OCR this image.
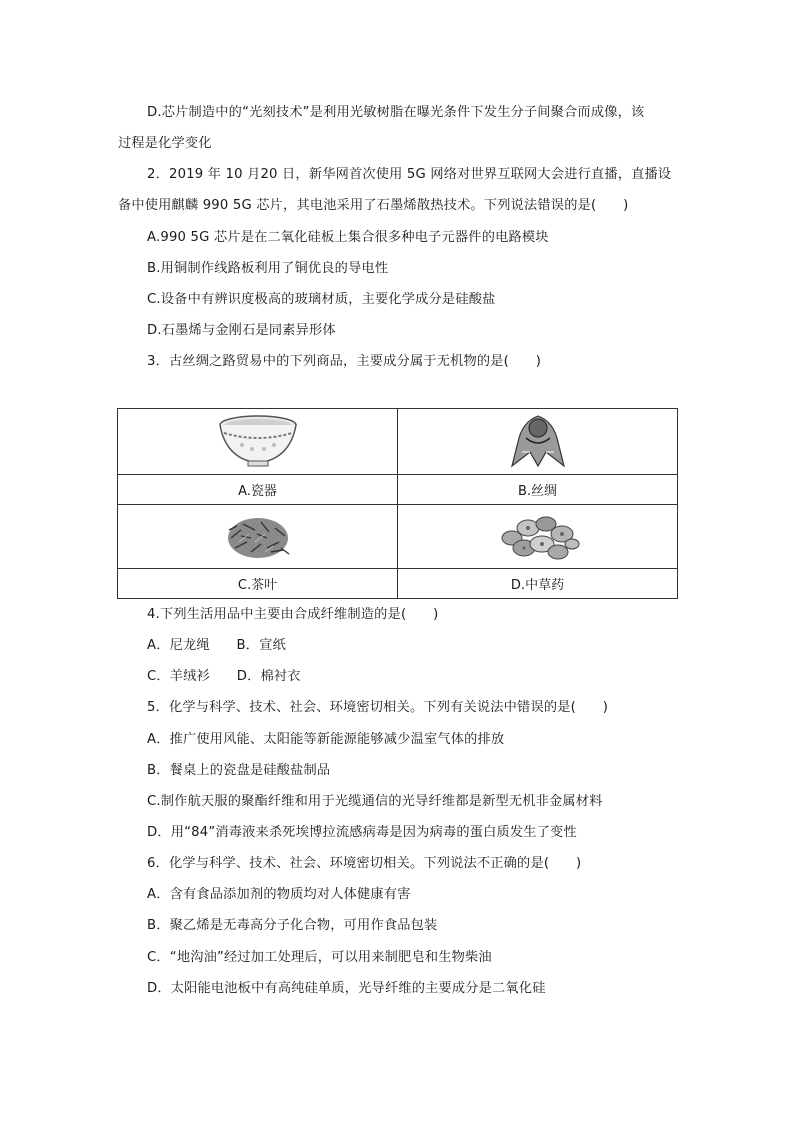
D.芯片制造中的“光刻技术”是利用光敏树脂在曝光条件下发生分子间聚合而成像，该
过程是化学变化
2．2019 年 10 月20 日，新华网首次使用 5G 网络对世界互联网大会进行直播，直播设
备中使用麒麟 990 5G 芯片，其电池采用了石墨烯散热技术。下列说法错误的是(　　)
A.990 5G 芯片是在二氧化硅板上集合很多种电子元器件的电路模块
B.用铜制作线路板利用了铜优良的导电性
C.设备中有辨识度极高的玻璃材质，主要化学成分是硅酸盐
D.石墨烯与金刚石是同素异形体
3．古丝绸之路贸易中的下列商品，主要成分属于无机物的是(　　)

A.瓷器	B.丝绸

C.茶叶	D.中草药
4.下列生活用品中主要由合成纤维制造的是(　　)
A．尼龙绳　　B．宣纸
C．羊绒衫　　D．棉衬衣
5．化学与科学、技术、社会、环境密切相关。下列有关说法中错误的是(　　)
A．推广使用风能、太阳能等新能源能够减少温室气体的排放
B．餐桌上的瓷盘是硅酸盐制品
C.制作航天服的聚酯纤维和用于光缆通信的光导纤维都是新型无机非金属材料
D．用“84”消毒液来杀死埃博拉流感病毒是因为病毒的蛋白质发生了变性
6．化学与科学、技术、社会、环境密切相关。下列说法不正确的是(　　)
A．含有食品添加剂的物质均对人体健康有害
B．聚乙烯是无毒高分子化合物，可用作食品包装
C．“地沟油”经过加工处理后，可以用来制肥皂和生物柴油
D．太阳能电池板中有高纯硅单质，光导纤维的主要成分是二氧化硅
